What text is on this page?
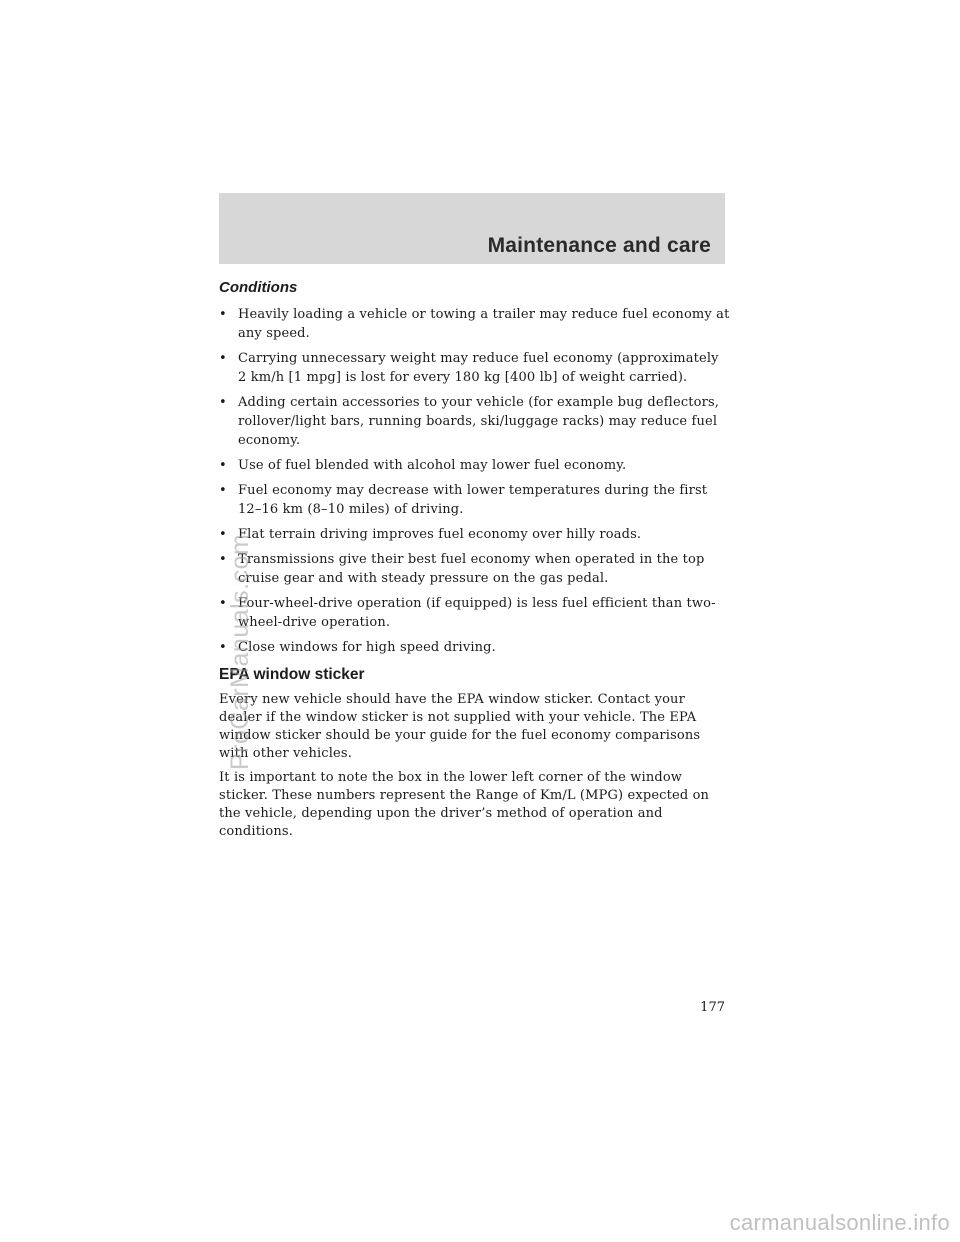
Maintenance and care
Conditions
• Heavily loading a vehicle or towing a trailer may reduce fuel economy at any speed.
• Carrying unnecessary weight may reduce fuel economy (approximately 2 km/h [1 mpg] is lost for every 180 kg [400 lb] of weight carried).
• Adding certain accessories to your vehicle (for example bug deflectors, rollover/light bars, running boards, ski/luggage racks) may reduce fuel economy.
• Use of fuel blended with alcohol may lower fuel economy.
• Fuel economy may decrease with lower temperatures during the first 12–16 km (8–10 miles) of driving.
• Flat terrain driving improves fuel economy over hilly roads.
• Transmissions give their best fuel economy when operated in the top cruise gear and with steady pressure on the gas pedal.
• Four-wheel-drive operation (if equipped) is less fuel efficient than two-wheel-drive operation.
• Close windows for high speed driving.
EPA window sticker

Every new vehicle should have the EPA window sticker. Contact your dealer if the window sticker is not supplied with your vehicle. The EPA window sticker should be your guide for the fuel economy comparisons with other vehicles.

It is important to note the box in the lower left corner of the window sticker. These numbers represent the Range of Km/L (MPG) expected on the vehicle, depending upon the driver’s method of operation and conditions.

177
ProCarManuals.com
carmanualsonline.info
